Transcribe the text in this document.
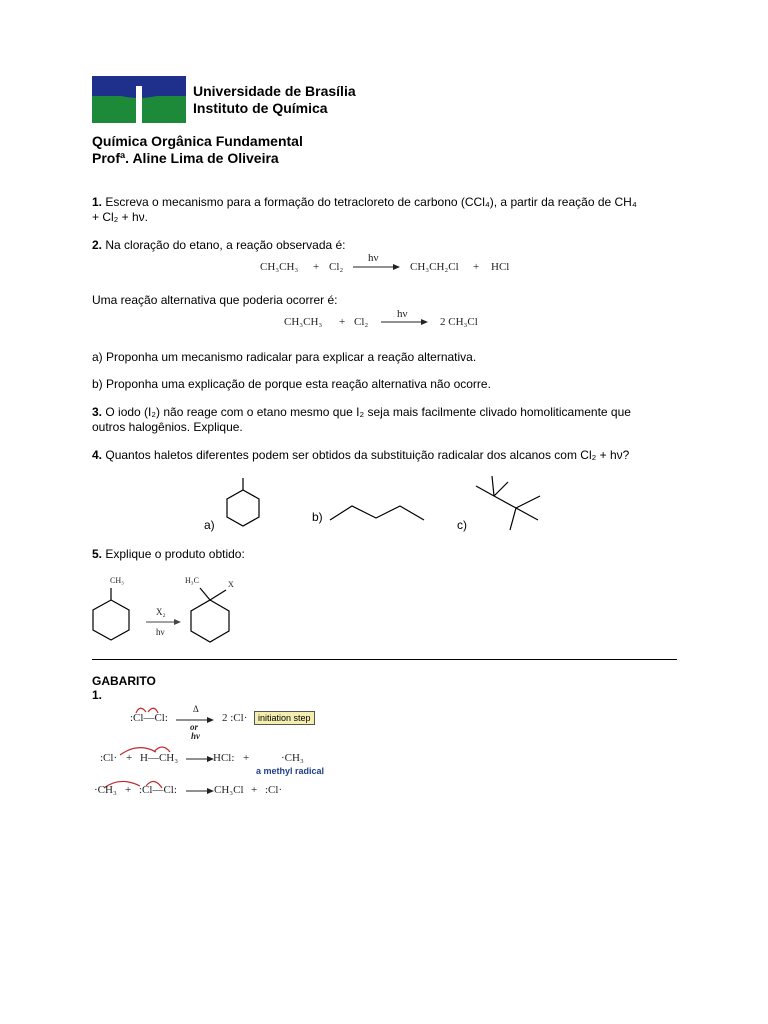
Universidade de Brasília
Instituto de Química
Química Orgânica Fundamental
Profª. Aline Lima de Oliveira
1. Escreva o mecanismo para a formação do tetracloreto de carbono (CCl₄), a partir da reação de CH₄
+ Cl₂ + hν.
2. Na cloração do etano, a reação observada é:
CH₃CH₃ + Cl₂
hν
→ CH₃CH₂Cl + HCl
Uma reação alternativa que poderia ocorrer é:
CH₃CH₃ + Cl₂
hν
→ 2 CH₃Cl
a) Proponha um mecanismo radicalar para explicar a reação alternativa.
b) Proponha uma explicação de porque esta reação alternativa não ocorre.
3. O iodo (I₂) não reage com o etano mesmo que I₂ seja mais facilmente clivado homoliticamente que
outros halogênios. Explique.
4. Quantos haletos diferentes podem ser obtidos da substituição radicalar dos alcanos com Cl₂ + hν?
a)
b)
c)
5. Explique o produto obtido:
CH₃
X₂
hν
H₃C	X
GABARITO
1.
:Cl—Cl:
Δ
or
hν
2 :Cl·	initiation step
:Cl· + H—CH₃	HCl: +	·CH₃
a methyl radical
·CH₃ + :Cl—Cl:	CH₃Cl + :Cl·
